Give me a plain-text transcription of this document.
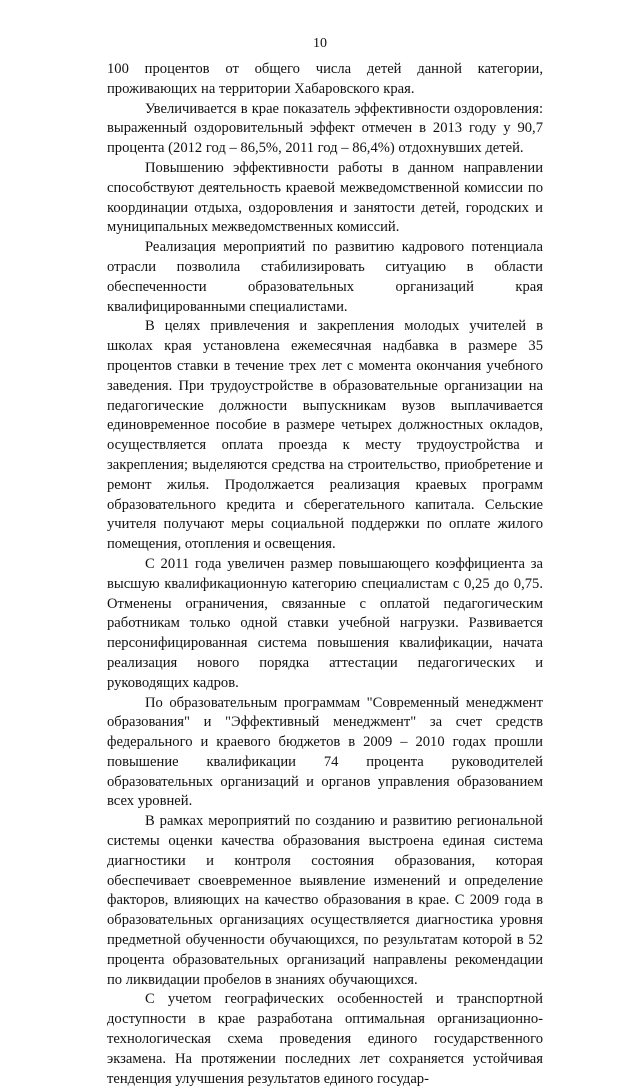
10

100 процентов от общего числа детей данной категории, проживающих на территории Хабаровского края.

Увеличивается в крае показатель эффективности оздоровления: выраженный оздоровительный эффект отмечен в 2013 году у 90,7 процента (2012 год – 86,5%, 2011 год – 86,4%) отдохнувших детей.

Повышению эффективности работы в данном направлении способствуют деятельность краевой межведомственной комиссии по координации отдыха, оздоровления и занятости детей, городских и муниципальных межведомственных комиссий.

Реализация мероприятий по развитию кадрового потенциала отрасли позволила стабилизировать ситуацию в области обеспеченности образовательных организаций края квалифицированными специалистами.

В целях привлечения и закрепления молодых учителей в школах края установлена ежемесячная надбавка в размере 35 процентов ставки в течение трех лет с момента окончания учебного заведения. При трудоустройстве в образовательные организации на педагогические должности выпускникам вузов выплачивается единовременное пособие в размере четырех должностных окладов, осуществляется оплата проезда к месту трудоустройства и закрепления; выделяются средства на строительство, приобретение и ремонт жилья. Продолжается реализация краевых программ образовательного кредита и сберегательного капитала. Сельские учителя получают меры социальной поддержки по оплате жилого помещения, отопления и освещения.

С 2011 года увеличен размер повышающего коэффициента за высшую квалификационную категорию специалистам с 0,25 до 0,75. Отменены ограничения, связанные с оплатой педагогическим работникам только одной ставки учебной нагрузки. Развивается персонифицированная система повышения квалификации, начата реализация нового порядка аттестации педагогических и руководящих кадров.

По образовательным программам "Современный менеджмент образования" и "Эффективный менеджмент" за счет средств федерального и краевого бюджетов в 2009 – 2010 годах прошли повышение квалификации 74 процента руководителей образовательных организаций и органов управления образованием всех уровней.

В рамках мероприятий по созданию и развитию региональной системы оценки качества образования выстроена единая система диагностики и контроля состояния образования, которая обеспечивает своевременное выявление изменений и определение факторов, влияющих на качество образования в крае. С 2009 года в образовательных организациях осуществляется диагностика уровня предметной обученности обучающихся, по результатам которой в 52 процента образовательных организаций направлены рекомендации по ликвидации пробелов в знаниях обучающихся.

С учетом географических особенностей и транспортной доступности в крае разработана оптимальная организационно-технологическая схема проведения единого государственного экзамена. На протяжении последних лет сохраняется устойчивая тенденция улучшения результатов единого государ-
